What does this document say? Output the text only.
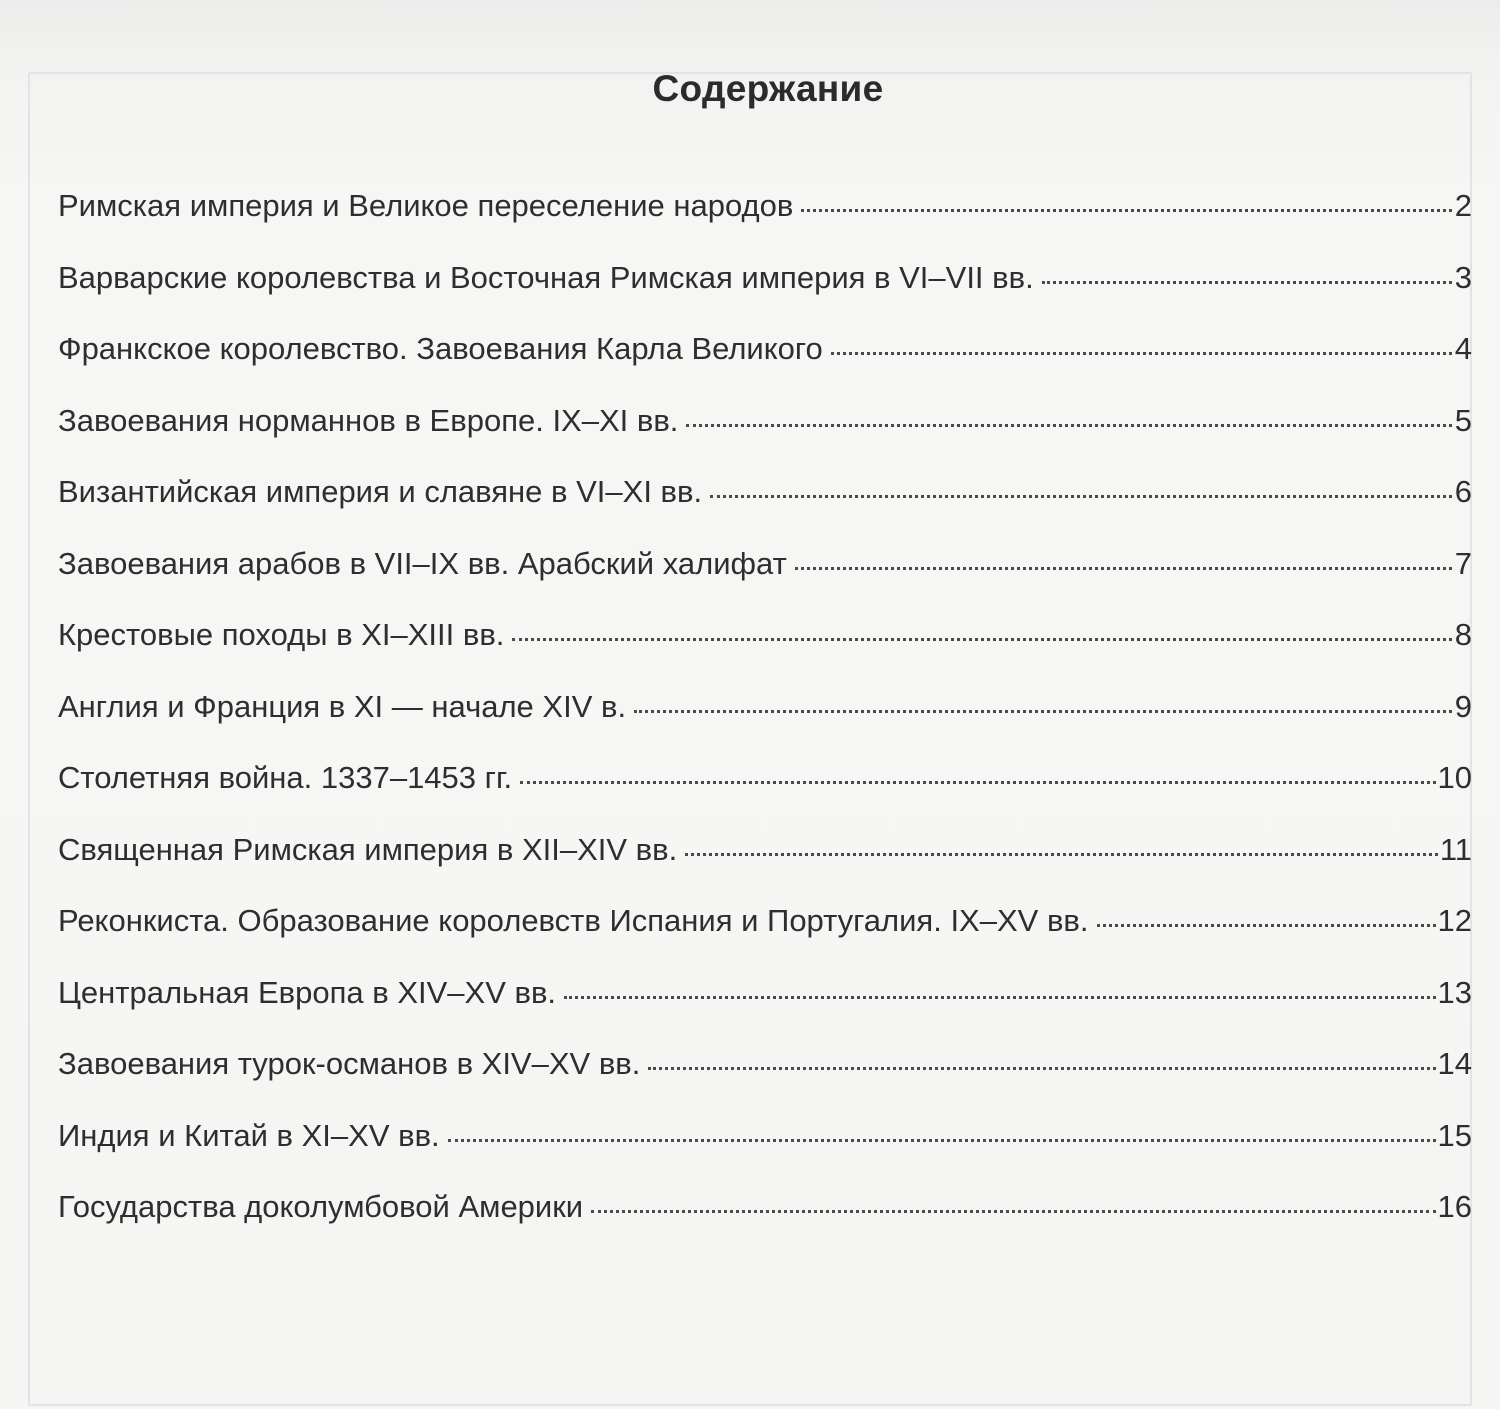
Содержание
Римская империя и Великое переселение народов	2
Варварские королевства и Восточная Римская империя в VI–VII вв.	3
Франкское королевство. Завоевания Карла Великого	4
Завоевания норманнов в Европе. IX–XI вв.	5
Византийская империя и славяне в VI–XI вв.	6
Завоевания арабов в VII–IX вв. Арабский халифат	7
Крестовые походы в XI–XIII вв.	8
Англия и Франция в XI — начале XIV в.	9
Столетняя война. 1337–1453 гг.	10
Священная Римская империя в XII–XIV вв.	11
Реконкиста. Образование королевств Испания и Португалия. IX–XV вв.	12
Центральная Европа в XIV–XV вв.	13
Завоевания турок-османов в XIV–XV вв.	14
Индия и Китай в XI–XV вв.	15
Государства доколумбовой Америки	16
